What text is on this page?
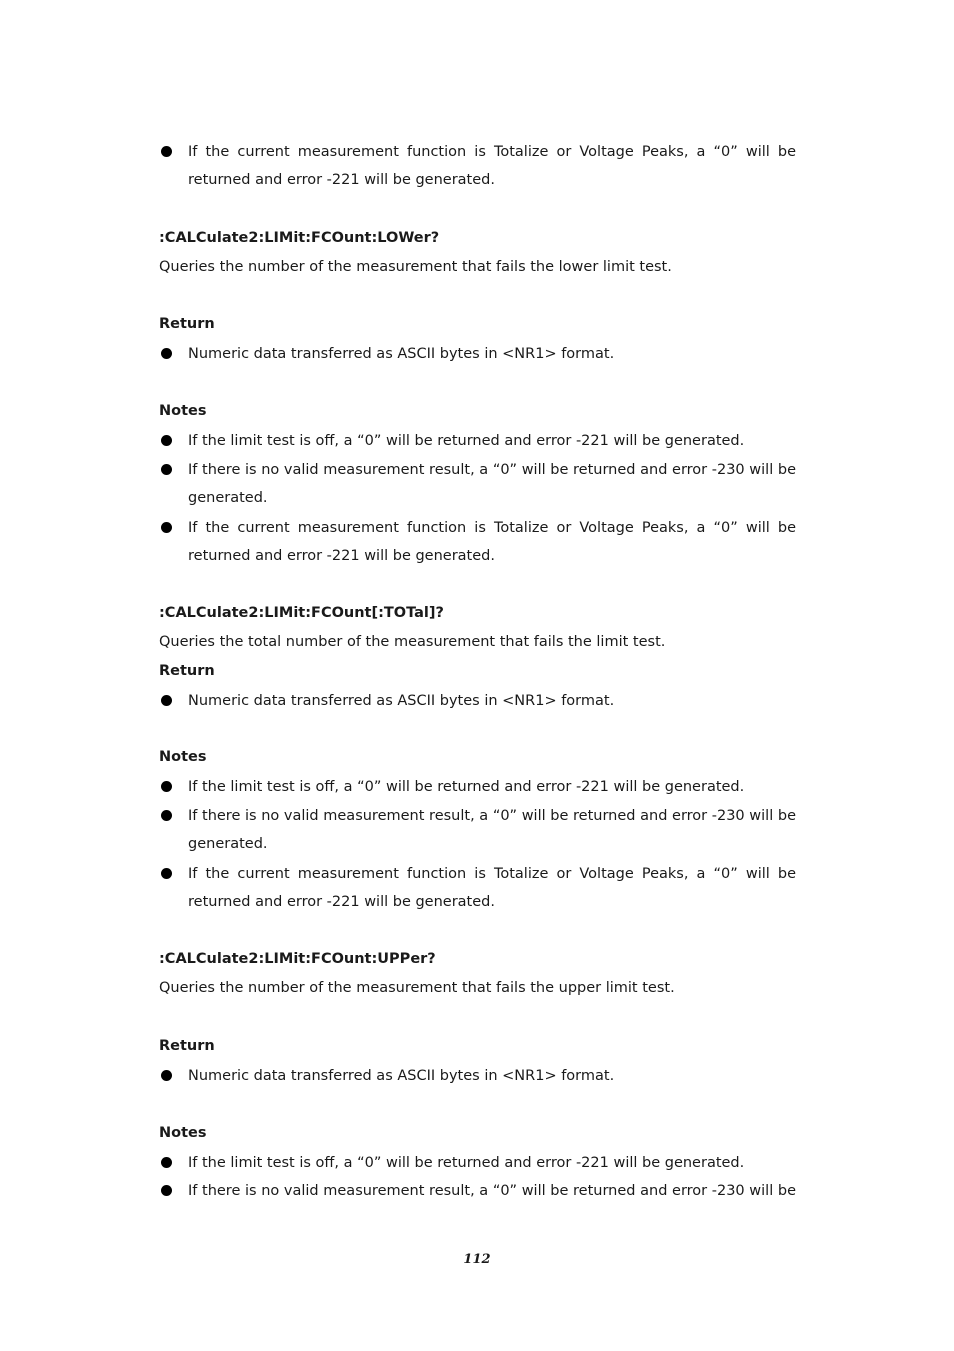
If the current measurement function is Totalize or Voltage Peaks, a “0” will be returned and error -221 will be generated.
:CALCulate2:LIMit:FCOunt:LOWer?
Queries the number of the measurement that fails the lower limit test.
Return
Numeric data transferred as ASCII bytes in <NR1> format.
Notes
If the limit test is off, a “0” will be returned and error -221 will be generated.
If there is no valid measurement result, a “0” will be returned and error -230 will be generated.
If the current measurement function is Totalize or Voltage Peaks, a “0” will be returned and error -221 will be generated.
:CALCulate2:LIMit:FCOunt[:TOTal]?
Queries the total number of the measurement that fails the limit test.
Return
Numeric data transferred as ASCII bytes in <NR1> format.
Notes
If the limit test is off, a “0” will be returned and error -221 will be generated.
If there is no valid measurement result, a “0” will be returned and error -230 will be generated.
If the current measurement function is Totalize or Voltage Peaks, a “0” will be returned and error -221 will be generated.
:CALCulate2:LIMit:FCOunt:UPPer?
Queries the number of the measurement that fails the upper limit test.
Return
Numeric data transferred as ASCII bytes in <NR1> format.
Notes
If the limit test is off, a “0” will be returned and error -221 will be generated.
If there is no valid measurement result, a “0” will be returned and error -230 will be
112
